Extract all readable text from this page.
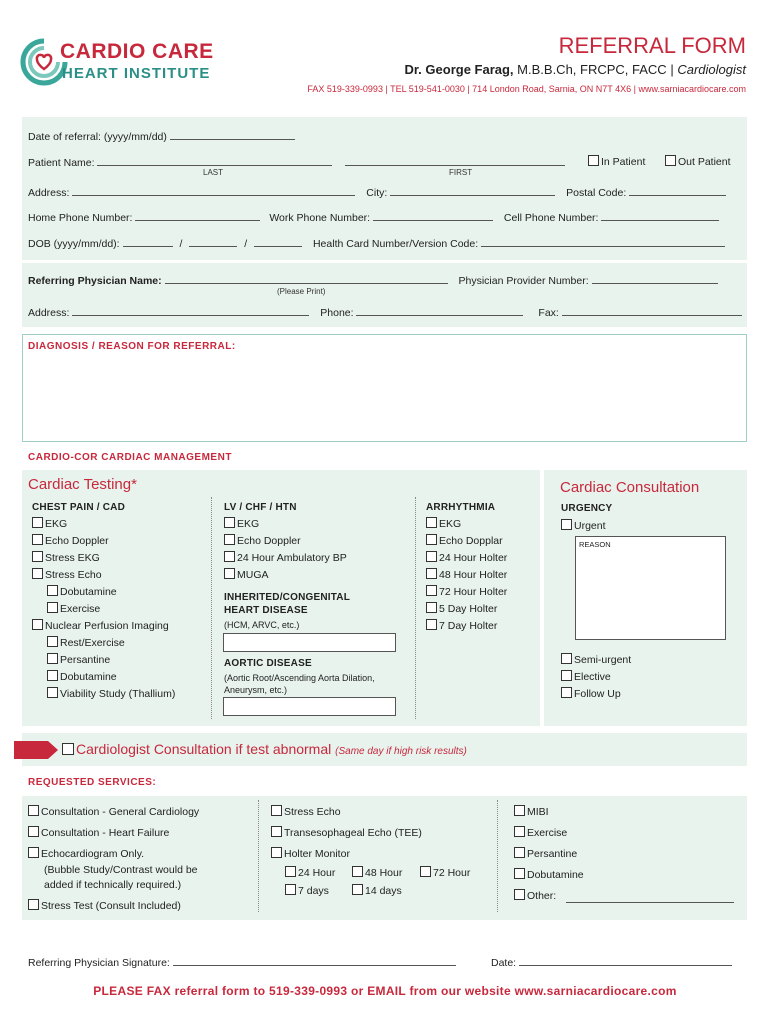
CARDIO CARE
HEART INSTITUTE
REFERRAL FORM
Dr. George Farag, M.B.B.Ch, FRCPC, FACC | Cardiologist
FAX 519-339-0993 | TEL 519-541-0030 | 714 London Road, Sarnia, ON N7T 4X6 | www.sarniacardiocare.com
Date of referral: (yyyy/mm/dd)
Patient Name:
LAST	FIRST
In Patient	Out Patient
Address:	City:	Postal Code:
Home Phone Number:	Work Phone Number:	Cell Phone Number:
DOB (yyyy/mm/dd):	/	/	Health Card Number/Version Code:
Referring Physician Name:	Physician Provider Number:
(Please Print)
Address:	Phone:	Fax:
DIAGNOSIS / REASON FOR REFERRAL:
CARDIO-COR CARDIAC MANAGEMENT
Cardiac Testing*
CHEST PAIN / CAD
EKG
Echo Doppler
Stress EKG
Stress Echo
Dobutamine
Exercise
Nuclear Perfusion Imaging
Rest/Exercise
Persantine
Dobutamine
Viability Study (Thallium)
LV / CHF / HTN
EKG
Echo Doppler
24 Hour Ambulatory BP
MUGA
INHERITED/CONGENITAL
HEART DISEASE
(HCM, ARVC, etc.)
AORTIC DISEASE
(Aortic Root/Ascending Aorta Dilation,
Aneurysm, etc.)
ARRHYTHMIA
EKG
Echo Dopplar
24 Hour Holter
48 Hour Holter
72 Hour Holter
5 Day Holter
7 Day Holter
Cardiac Consultation
URGENCY
Urgent
REASON
Semi-urgent
Elective
Follow Up
Cardiologist Consultation if test abnormal (Same day if high risk results)
REQUESTED SERVICES:
Consultation - General Cardiology
Consultation - Heart Failure
Echocardiogram Only.
Stress Echo
Transesophageal Echo (TEE)
Holter Monitor
MIBI
Exercise
Persantine
Dobutamine
Other:
24 Hour	48 Hour	72 Hour
7 days	14 days
(Bubble Study/Contrast would be
added if technically required.)
Stress Test (Consult Included)
Referring Physician Signature:	Date:
PLEASE FAX referral form to 519-339-0993 or EMAIL from our website www.sarniacardiocare.com
